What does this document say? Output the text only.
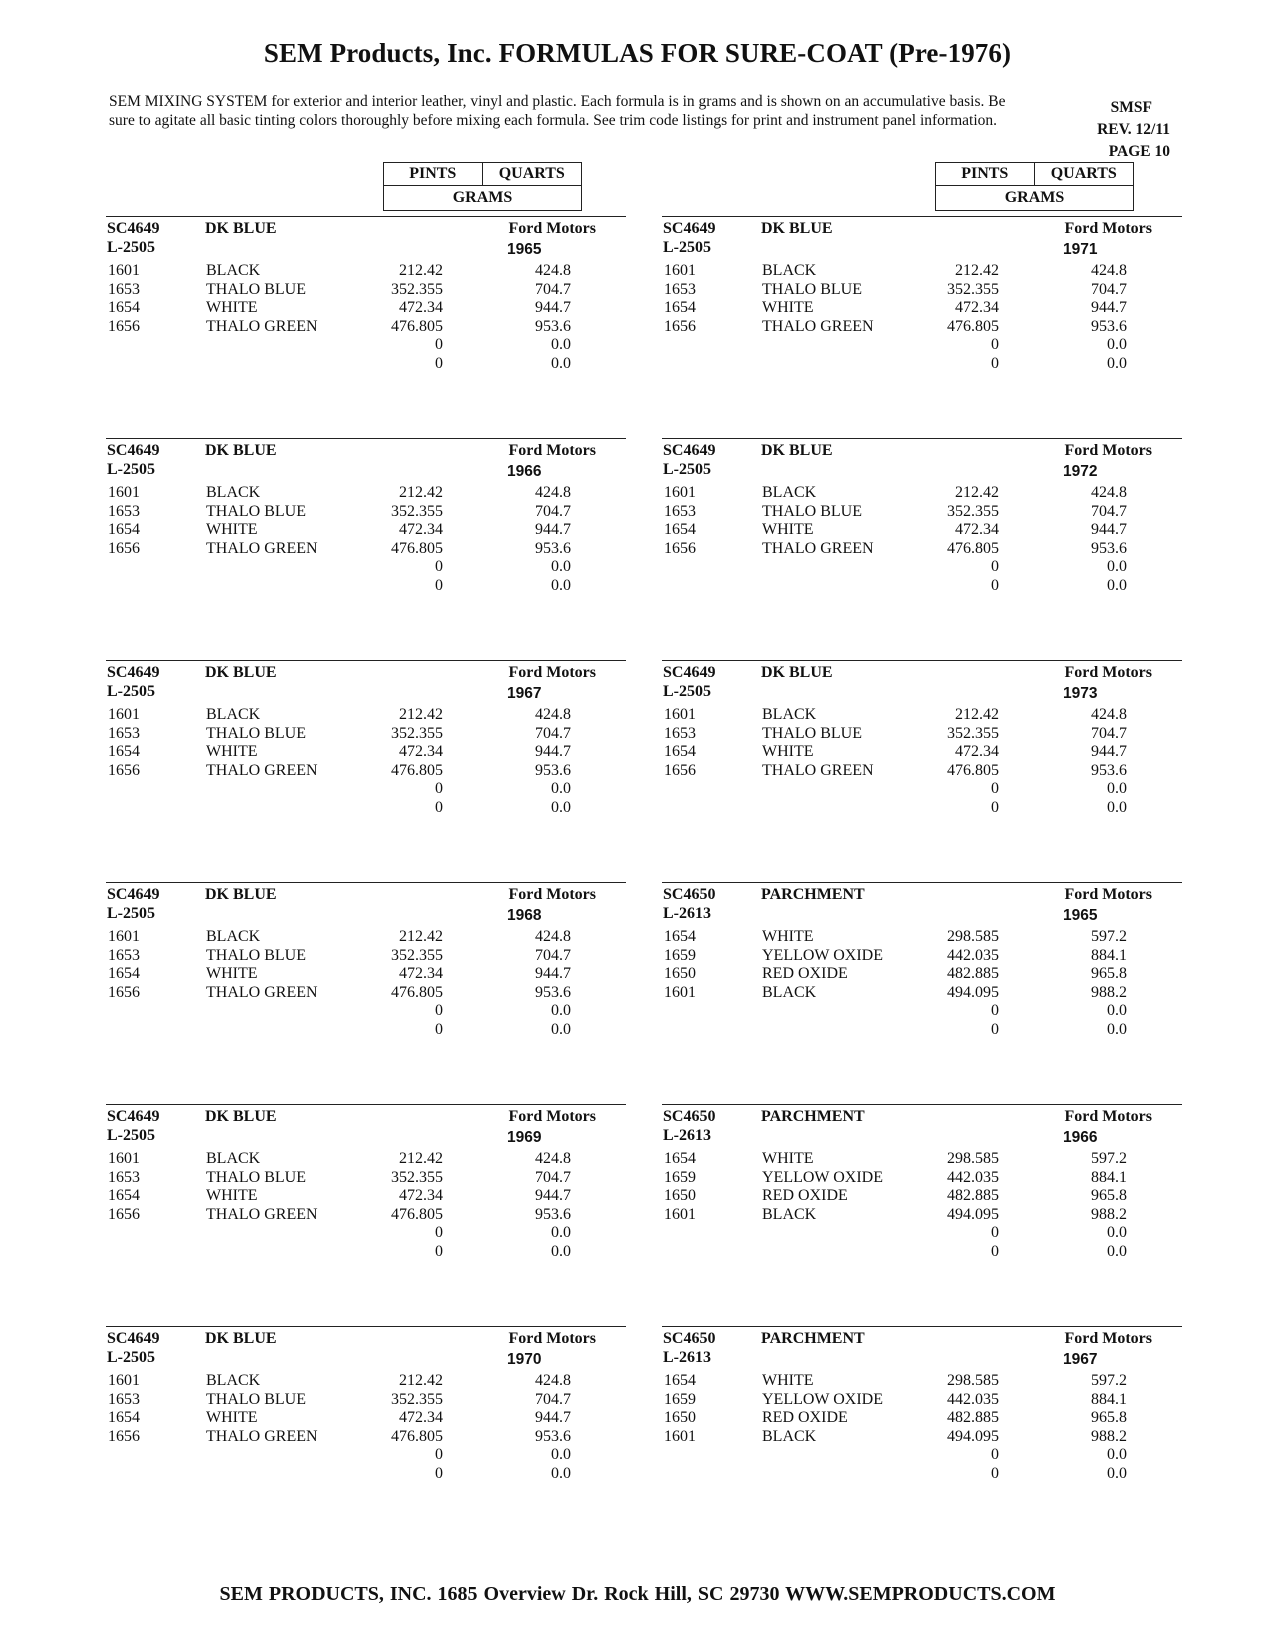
SEM Products, Inc. FORMULAS FOR SURE-COAT (Pre-1976)
SEM MIXING SYSTEM for exterior and interior leather, vinyl and plastic. Each formula is in grams and is shown on an accumulative basis. Be sure to agitate all basic tinting colors thoroughly before mixing each formula. See trim code listings for print and instrument panel information.
SMSF
REV. 12/11
PAGE 10
PINTS	QUARTS
GRAMS
PINTS	QUARTS
GRAMS
SC4649
L-2505
DK BLUE	Ford Motors
1965
1601	BLACK	212.42	424.8
1653	THALO BLUE	352.355	704.7
1654	WHITE	472.34	944.7
1656	THALO GREEN	476.805	953.6
		0	0.0
		0	0.0
SC4649
L-2505
DK BLUE	Ford Motors
1971
1601	BLACK	212.42	424.8
1653	THALO BLUE	352.355	704.7
1654	WHITE	472.34	944.7
1656	THALO GREEN	476.805	953.6
		0	0.0
		0	0.0
SC4649
L-2505
DK BLUE	Ford Motors
1966
1601	BLACK	212.42	424.8
1653	THALO BLUE	352.355	704.7
1654	WHITE	472.34	944.7
1656	THALO GREEN	476.805	953.6
		0	0.0
		0	0.0
SC4649
L-2505
DK BLUE	Ford Motors
1972
1601	BLACK	212.42	424.8
1653	THALO BLUE	352.355	704.7
1654	WHITE	472.34	944.7
1656	THALO GREEN	476.805	953.6
		0	0.0
		0	0.0
SC4649
L-2505
DK BLUE	Ford Motors
1967
1601	BLACK	212.42	424.8
1653	THALO BLUE	352.355	704.7
1654	WHITE	472.34	944.7
1656	THALO GREEN	476.805	953.6
		0	0.0
		0	0.0
SC4649
L-2505
DK BLUE	Ford Motors
1973
1601	BLACK	212.42	424.8
1653	THALO BLUE	352.355	704.7
1654	WHITE	472.34	944.7
1656	THALO GREEN	476.805	953.6
		0	0.0
		0	0.0
SC4649
L-2505
DK BLUE	Ford Motors
1968
1601	BLACK	212.42	424.8
1653	THALO BLUE	352.355	704.7
1654	WHITE	472.34	944.7
1656	THALO GREEN	476.805	953.6
		0	0.0
		0	0.0
SC4650
L-2613
PARCHMENT	Ford Motors
1965
1654	WHITE	298.585	597.2
1659	YELLOW OXIDE	442.035	884.1
1650	RED OXIDE	482.885	965.8
1601	BLACK	494.095	988.2
		0	0.0
		0	0.0
SC4649
L-2505
DK BLUE	Ford Motors
1969
1601	BLACK	212.42	424.8
1653	THALO BLUE	352.355	704.7
1654	WHITE	472.34	944.7
1656	THALO GREEN	476.805	953.6
		0	0.0
		0	0.0
SC4650
L-2613
PARCHMENT	Ford Motors
1966
1654	WHITE	298.585	597.2
1659	YELLOW OXIDE	442.035	884.1
1650	RED OXIDE	482.885	965.8
1601	BLACK	494.095	988.2
		0	0.0
		0	0.0
SC4649
L-2505
DK BLUE	Ford Motors
1970
1601	BLACK	212.42	424.8
1653	THALO BLUE	352.355	704.7
1654	WHITE	472.34	944.7
1656	THALO GREEN	476.805	953.6
		0	0.0
		0	0.0
SC4650
L-2613
PARCHMENT	Ford Motors
1967
1654	WHITE	298.585	597.2
1659	YELLOW OXIDE	442.035	884.1
1650	RED OXIDE	482.885	965.8
1601	BLACK	494.095	988.2
		0	0.0
		0	0.0
SEM PRODUCTS, INC. 1685 Overview Dr. Rock Hill, SC 29730 WWW.SEMPRODUCTS.COM
